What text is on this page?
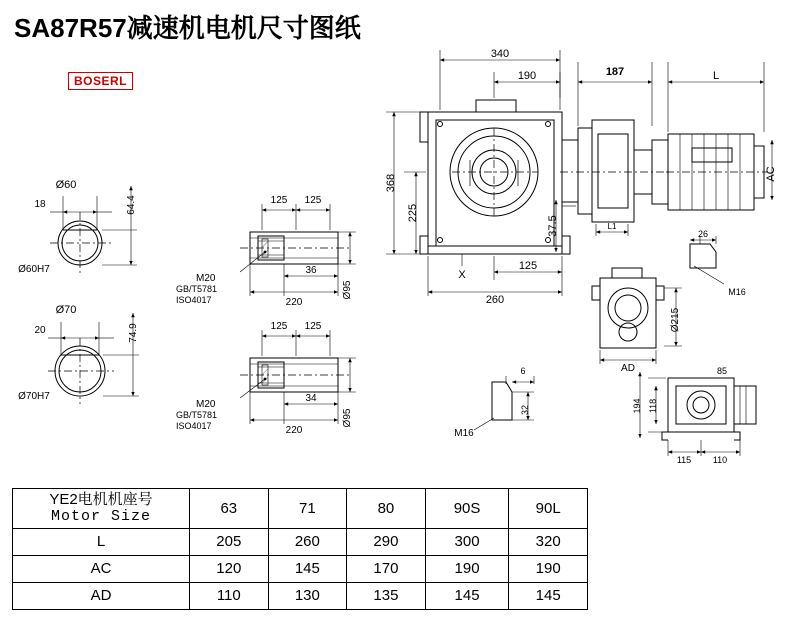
SA87R57减速机电机尺寸图纸
BOSERL
340
190	187	L
368
225
260
125
37.5
X
AC
L1
26
M16
Ø215
AD
194 118
85
115 110
6
32
M16
Ø60
18	64.4
Ø60H7
Ø70
20	74.9
Ø70H7
125 125
36
220
Ø95
M20
GB/T5781
ISO4017
125 125
34
220
Ø95
M20
GB/T5781
ISO4017
YE2电机机座号
Motor Size	63	71	80	90S	90L
L	205	260	290	300	320
AC	120	145	170	190	190
AD	110	130	135	145	145
